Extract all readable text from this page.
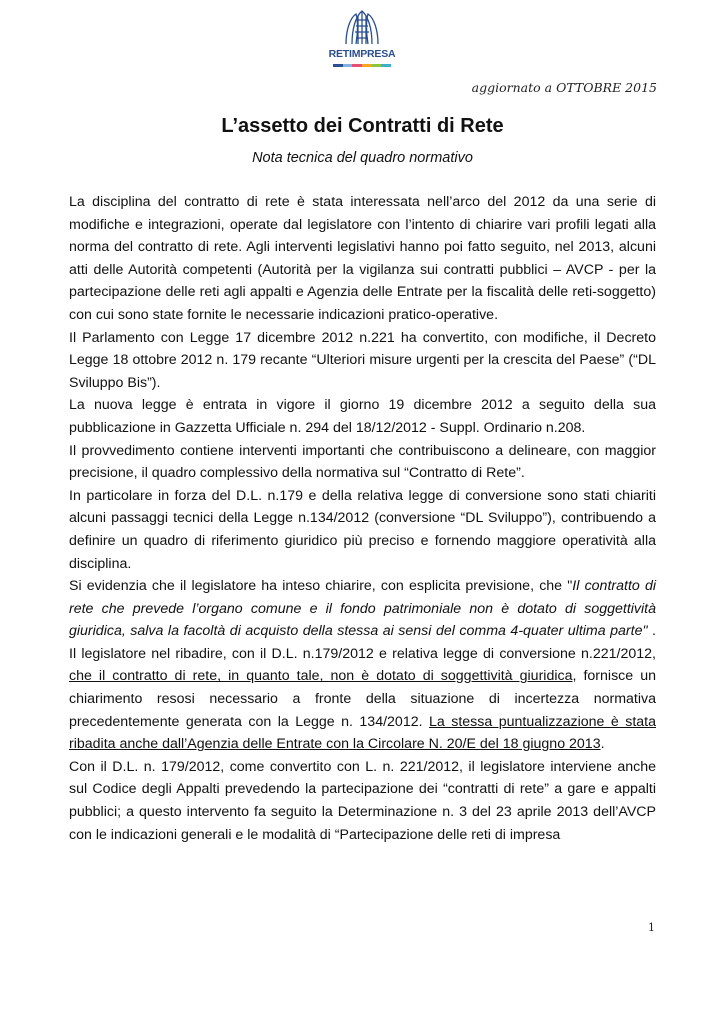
RETIMPRESA
aggiornato a OTTOBRE 2015
L’assetto dei Contratti di Rete
Nota tecnica del quadro normativo

La disciplina del contratto di rete è stata interessata nell’arco del 2012 da una serie di modifiche e integrazioni, operate dal legislatore con l’intento di chiarire vari profili legati alla norma del contratto di rete. Agli interventi legislativi hanno poi fatto seguito, nel 2013, alcuni atti delle Autorità competenti (Autorità per la vigilanza sui contratti pubblici – AVCP - per la partecipazione delle reti agli appalti e Agenzia delle Entrate per la fiscalità delle reti-soggetto) con cui sono state fornite le necessarie indicazioni pratico-operative.

Il Parlamento con Legge 17 dicembre 2012 n.221 ha convertito, con modifiche, il Decreto Legge 18 ottobre 2012 n. 179 recante “Ulteriori misure urgenti per la crescita del Paese” (“DL Sviluppo Bis”).

La nuova legge è entrata in vigore il giorno 19 dicembre 2012 a seguito della sua pubblicazione in Gazzetta Ufficiale n. 294 del 18/12/2012 - Suppl. Ordinario n.208.

Il provvedimento contiene interventi importanti che contribuiscono a delineare, con maggior precisione, il quadro complessivo della normativa sul “Contratto di Rete”.

In particolare in forza del D.L. n.179 e della relativa legge di conversione sono stati chiariti alcuni passaggi tecnici della Legge n.134/2012 (conversione “DL Sviluppo”), contribuendo a definire un quadro di riferimento giuridico più preciso e fornendo maggiore operatività alla disciplina.

Si evidenzia che il legislatore ha inteso chiarire, con esplicita previsione, che "Il contratto di rete che prevede l’organo comune e il fondo patrimoniale non è dotato di soggettività giuridica, salva la facoltà di acquisto della stessa ai sensi del comma 4-quater ultima parte" . Il legislatore nel ribadire, con il D.L. n.179/2012 e relativa legge di conversione n.221/2012, che il contratto di rete, in quanto tale, non è dotato di soggettività giuridica, fornisce un chiarimento resosi necessario a fronte della situazione di incertezza normativa precedentemente generata con la Legge n. 134/2012. La stessa puntualizzazione è stata ribadita anche dall’Agenzia delle Entrate con la Circolare N. 20/E del 18 giugno 2013.

Con il D.L. n. 179/2012, come convertito con L. n. 221/2012, il legislatore interviene anche sul Codice degli Appalti prevedendo la partecipazione dei “contratti di rete” a gare e appalti pubblici; a questo intervento fa seguito la Determinazione n. 3 del 23 aprile 2013 dell’AVCP con le indicazioni generali e le modalità di “Partecipazione delle reti di impresa

1
